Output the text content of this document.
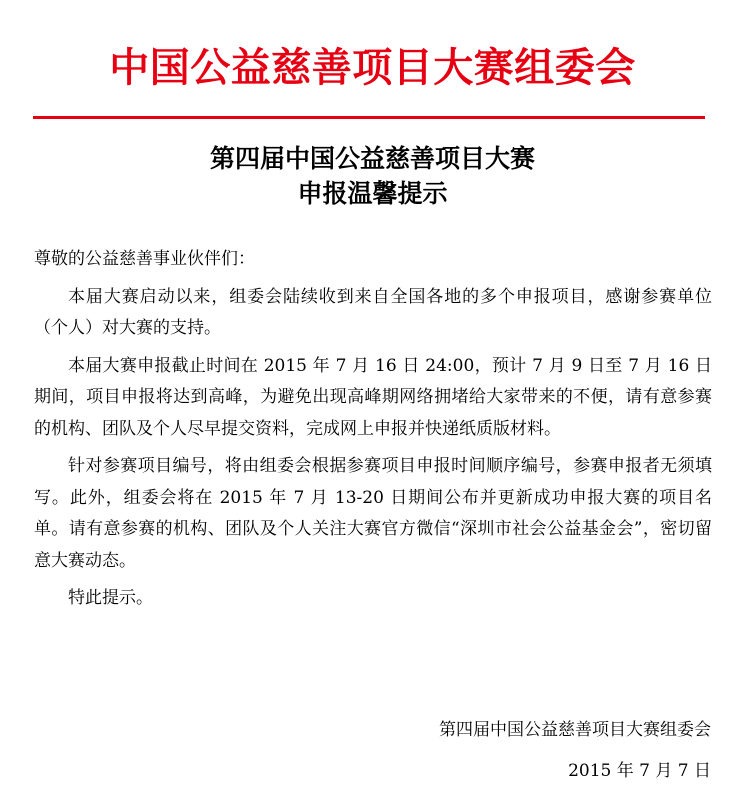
中国公益慈善项目大赛组委会
第四届中国公益慈善项目大赛
申报温馨提示

尊敬的公益慈善事业伙伴们：

本届大赛启动以来，组委会陆续收到来自全国各地的多个申报项目，感谢参赛单位（个人）对大赛的支持。

本届大赛申报截止时间在 2015 年 7 月 16 日 24:00，预计 7 月 9 日至 7 月 16 日期间，项目申报将达到高峰，为避免出现高峰期网络拥堵给大家带来的不便，请有意参赛的机构、团队及个人尽早提交资料，完成网上申报并快递纸质版材料。

针对参赛项目编号，将由组委会根据参赛项目申报时间顺序编号，参赛申报者无须填写。此外，组委会将在 2015 年 7 月 13-20 日期间公布并更新成功申报大赛的项目名单。请有意参赛的机构、团队及个人关注大赛官方微信“深圳市社会公益基金会”，密切留意大赛动态。

特此提示。

第四届中国公益慈善项目大赛组委会
2015 年 7 月 7 日
